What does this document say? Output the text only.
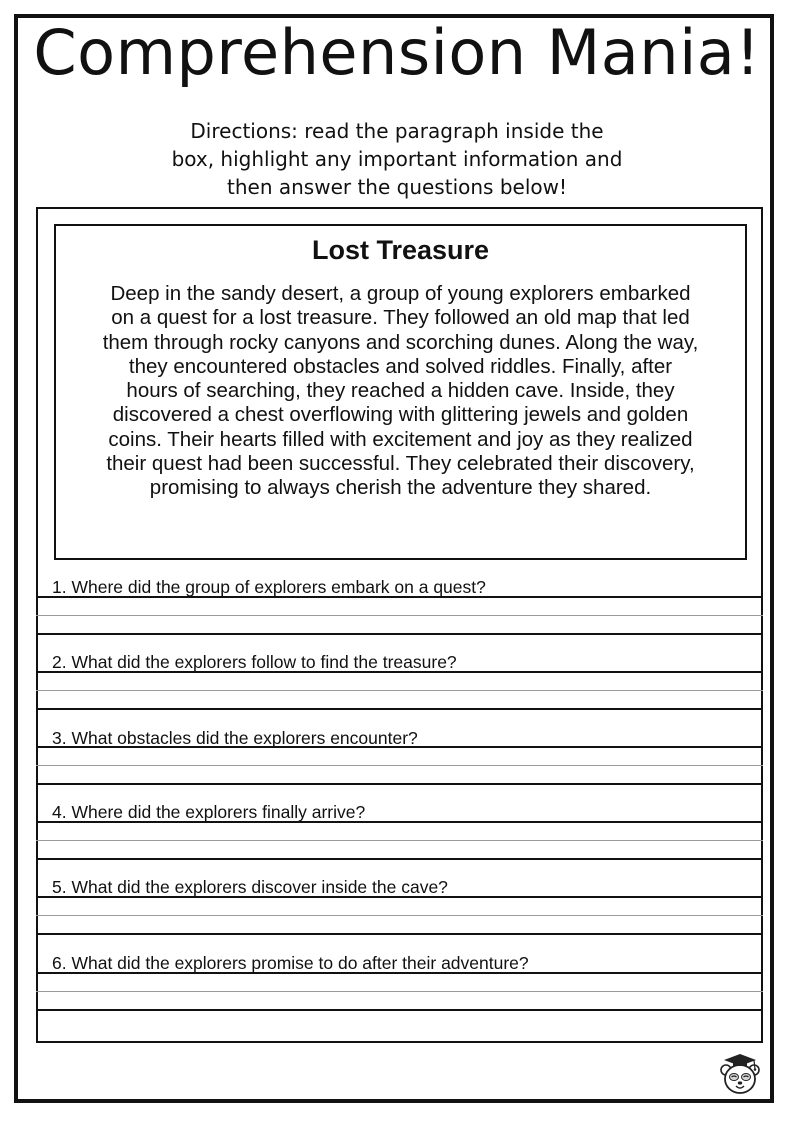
Comprehension Mania!
Directions: read the paragraph inside the
box, highlight any important information and
then answer the questions below!
Lost Treasure
Deep in the sandy desert, a group of young explorers embarked
on a quest for a lost treasure. They followed an old map that led
them through rocky canyons and scorching dunes. Along the way,
they encountered obstacles and solved riddles. Finally, after
hours of searching, they reached a hidden cave. Inside, they
discovered a chest overflowing with glittering jewels and golden
coins. Their hearts filled with excitement and joy as they realized
their quest had been successful. They celebrated their discovery,
promising to always cherish the adventure they shared.
1. Where did the group of explorers embark on a quest?
2. What did the explorers follow to find the treasure?
3. What obstacles did the explorers encounter?
4. Where did the explorers finally arrive?
5. What did the explorers discover inside the cave?
6. What did the explorers promise to do after their adventure?
